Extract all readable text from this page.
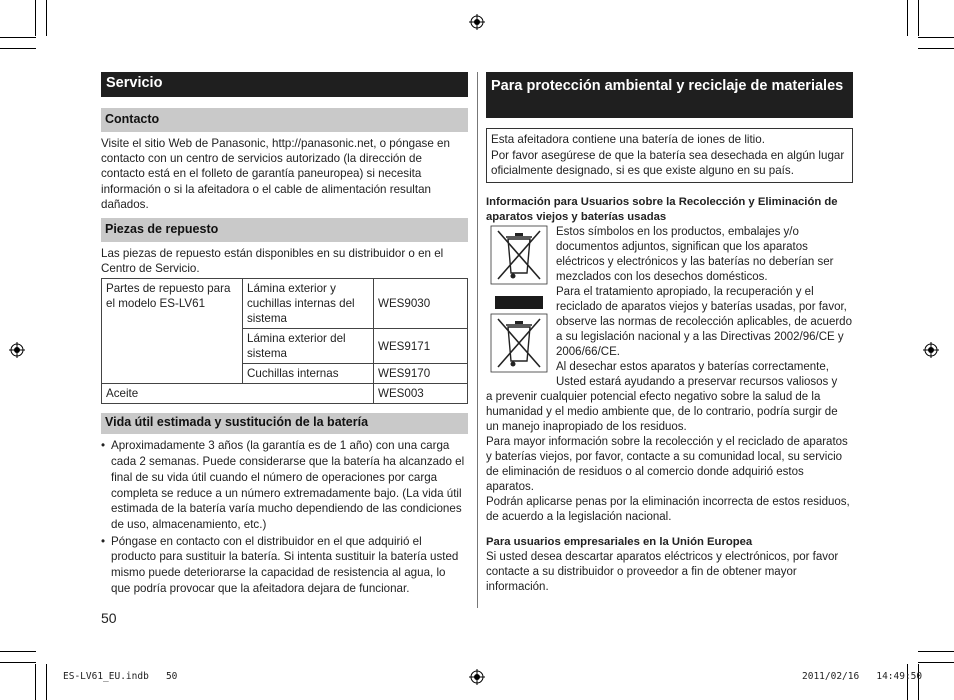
Servicio
Contacto
Visite el sitio Web de Panasonic, http://panasonic.net, o póngase en contacto con un centro de servicios autorizado (la dirección de contacto está en el folleto de garantía paneuropea) si necesita información o si la afeitadora o el cable de alimentación resultan dañados.
Piezas de repuesto
Las piezas de repuesto están disponibles en su distribuidor o en el Centro de Servicio.
Partes de repuesto para el modelo ES-LV61	Lámina exterior y cuchillas internas del sistema	WES9030
	Lámina exterior del sistema	WES9171
	Cuchillas internas	WES9170
Aceite		WES003
Vida útil estimada y sustitución de la batería
• Aproximadamente 3 años (la garantía es de 1 año) con una carga cada 2 semanas. Puede considerarse que la batería ha alcanzado el final de su vida útil cuando el número de operaciones por carga completa se reduce a un número extremadamente bajo. (La vida útil estimada de la batería varía mucho dependiendo de las condiciones de uso, almacenamiento, etc.)
• Póngase en contacto con el distribuidor en el que adquirió el producto para sustituir la batería. Si intenta sustituir la batería usted mismo puede deteriorarse la capacidad de resistencia al agua, lo que podría provocar que la afeitadora dejara de funcionar.
50
Para protección ambiental y reciclaje de materiales
Esta afeitadora contiene una batería de iones de litio.
Por favor asegúrese de que la batería sea desechada en algún lugar oficialmente designado, si es que existe alguno en su país.
Información para Usuarios sobre la Recolección y Eliminación de aparatos viejos y baterías usadas
Estos símbolos en los productos, embalajes y/o documentos adjuntos, significan que los aparatos eléctricos y electrónicos y las baterías no deberían ser mezclados con los desechos domésticos.
Para el tratamiento apropiado, la recuperación y el reciclado de aparatos viejos y baterías usadas, por favor, observe las normas de recolección aplicables, de acuerdo a su legislación nacional y a las Directivas 2002/96/CE y 2006/66/CE.
Al desechar estos aparatos y baterías correctamente, Usted estará ayudando a preservar recursos valiosos y
a prevenir cualquier potencial efecto negativo sobre la salud de la humanidad y el medio ambiente que, de lo contrario, podría surgir de un manejo inapropiado de los residuos.
Para mayor información sobre la recolección y el reciclado de aparatos y baterías viejos, por favor, contacte a su comunidad local, su servicio de eliminación de residuos o al comercio donde adquirió estos aparatos.
Podrán aplicarse penas por la eliminación incorrecta de estos residuos, de acuerdo a la legislación nacional.
Para usuarios empresariales en la Unión Europea
Si usted desea descartar aparatos eléctricos y electrónicos, por favor contacte a su distribuidor o proveedor a fin de obtener mayor información.
ES-LV61_EU.indb   50	2011/02/16   14:49:50
